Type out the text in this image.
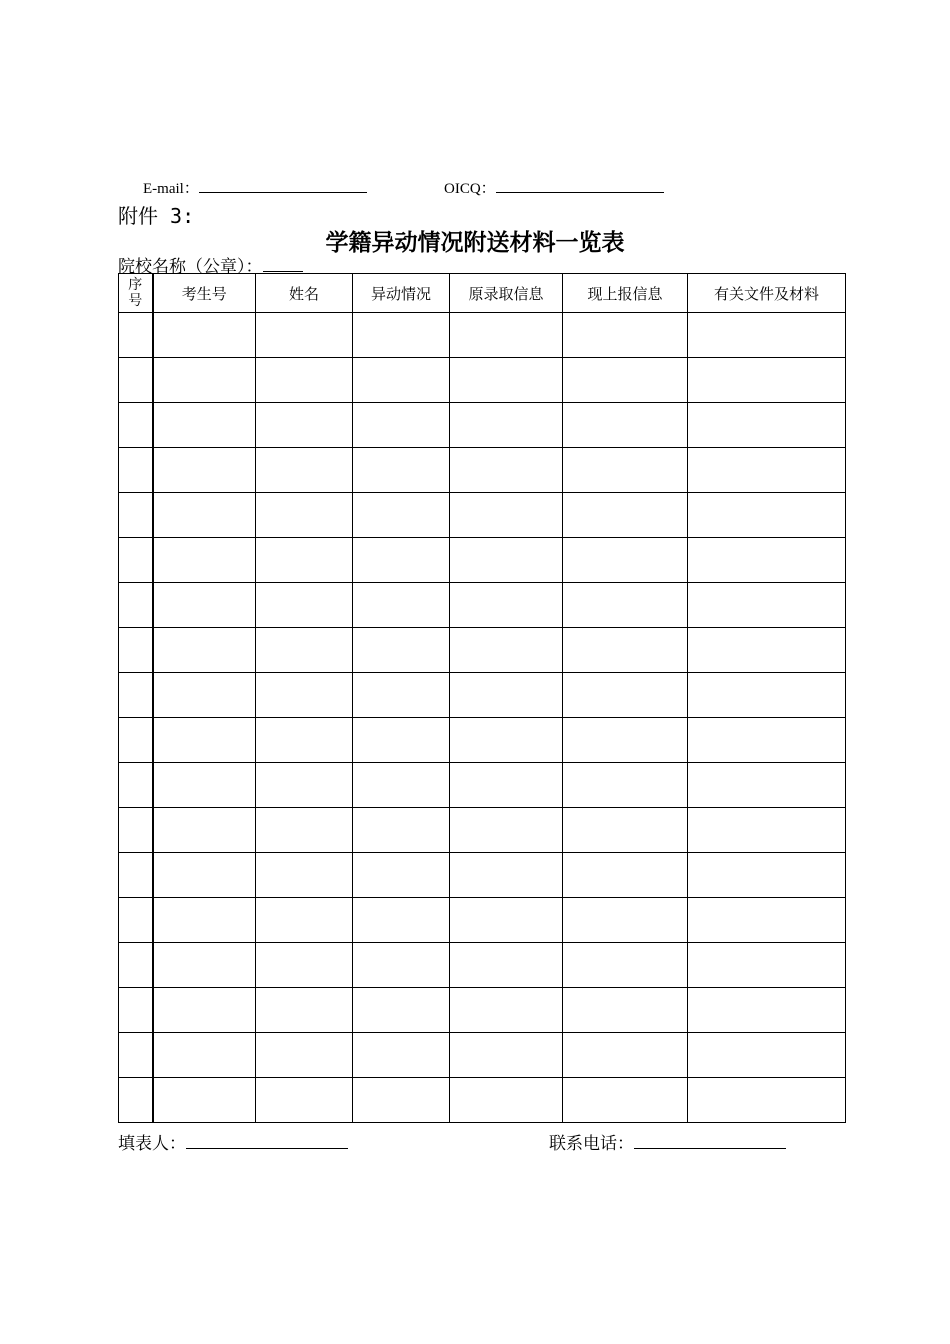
E-mail：	OICQ：
附件 3:
学籍异动情况附送材料一览表
院校名称（公章）：
序
号	考生号	姓名	异动情况	原录取信息	现上报信息	有关文件及材料

填表人：	联系电话：
